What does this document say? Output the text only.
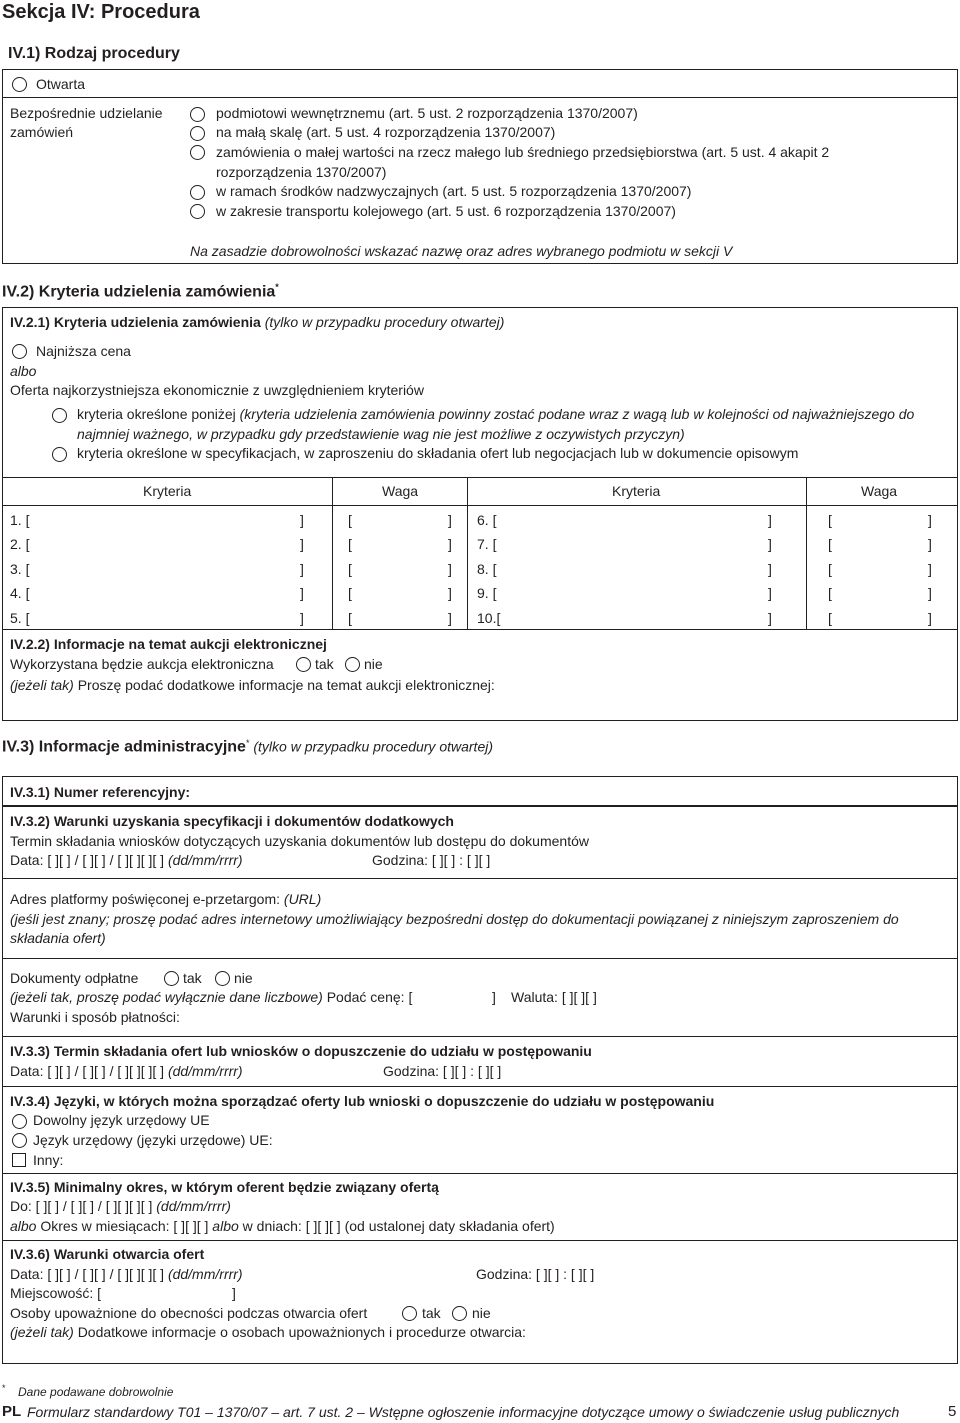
Sekcja IV: Procedura
IV.1) Rodzaj procedury
Otwarta
Bezpośrednie udzielanie
zamówień
podmiotowi wewnętrznemu (art. 5 ust. 2 rozporządzenia 1370/2007)
na małą skalę (art. 5 ust. 4 rozporządzenia 1370/2007)
zamówienia o małej wartości na rzecz małego lub średniego przedsiębiorstwa (art. 5 ust. 4 akapit 2
rozporządzenia 1370/2007)
w ramach środków nadzwyczajnych (art. 5 ust. 5 rozporządzenia 1370/2007)
w zakresie transportu kolejowego (art. 5 ust. 6 rozporządzenia 1370/2007)
Na zasadzie dobrowolności wskazać nazwę oraz adres wybranego podmiotu w sekcji V
IV.2) Kryteria udzielenia zamówienia*
IV.2.1) Kryteria udzielenia zamówienia (tylko w przypadku procedury otwartej)
Najniższa cena
albo
Oferta najkorzystniejsza ekonomicznie z uwzględnieniem kryteriów
kryteria określone poniżej (kryteria udzielenia zamówienia powinny zostać podane wraz z wagą lub w kolejności od najważniejszego do
najmniej ważnego, w przypadku gdy przedstawienie wag nie jest możliwe z oczywistych przyczyn)
kryteria określone w specyfikacjach, w zaproszeniu do składania ofert lub negocjacjach lub w dokumencie opisowym
Kryteria	Waga	Kryteria	Waga
1. [	]	[	] 6. [	]	[	]
2. [	]	[	] 7. [	]	[	]
3. [	]	[	] 8. [	]	[	]
4. [	]	[	] 9. [	]	[	]
5. [	]	[	] 10.[	]	[	]
IV.2.2) Informacje na temat aukcji elektronicznej
Wykorzystana będzie aukcja elektroniczna	tak nie
(jeżeli tak) Proszę podać dodatkowe informacje na temat aukcji elektronicznej:
IV.3) Informacje administracyjne* (tylko w przypadku procedury otwartej)
IV.3.1) Numer referencyjny:
IV.3.2) Warunki uzyskania specyfikacji i dokumentów dodatkowych
Termin składania wniosków dotyczących uzyskania dokumentów lub dostępu do dokumentów
Data: [ ][ ] / [ ][ ] / [ ][ ][ ][ ] (dd/mm/rrrr)	Godzina: [ ][ ] : [ ][ ]
Adres platformy poświęconej e-przetargom: (URL)
(jeśli jest znany; proszę podać adres internetowy umożliwiający bezpośredni dostęp do dokumentacji powiązanej z niniejszym zaproszeniem do
składania ofert)
Dokumenty odpłatne	tak nie
(jeżeli tak, proszę podać wyłącznie dane liczbowe) Podać cenę: [	] Waluta: [ ][ ][ ]
Warunki i sposób płatności:
IV.3.3) Termin składania ofert lub wniosków o dopuszczenie do udziału w postępowaniu
Data: [ ][ ] / [ ][ ] / [ ][ ][ ][ ] (dd/mm/rrrr)	Godzina: [ ][ ] : [ ][ ]
IV.3.4) Języki, w których można sporządzać oferty lub wnioski o dopuszczenie do udziału w postępowaniu
Dowolny język urzędowy UE
Język urzędowy (języki urzędowe) UE:
Inny:
IV.3.5) Minimalny okres, w którym oferent będzie związany ofertą
Do: [ ][ ] / [ ][ ] / [ ][ ][ ][ ] (dd/mm/rrrr)
albo Okres w miesiącach: [ ][ ][ ] albo w dniach: [ ][ ][ ] (od ustalonej daty składania ofert)
IV.3.6) Warunki otwarcia ofert
Data: [ ][ ] / [ ][ ] / [ ][ ][ ][ ] (dd/mm/rrrr)	Godzina: [ ][ ] : [ ][ ]
Miejscowość: [	]
Osoby upoważnione do obecności podczas otwarcia ofert	tak nie
(jeżeli tak) Dodatkowe informacje o osobach upoważnionych i procedurze otwarcia:
* Dane podawane dobrowolnie
PL Formularz standardowy T01 – 1370/07 – art. 7 ust. 2 – Wstępne ogłoszenie informacyjne dotyczące umowy o świadczenie usług publicznych	5
